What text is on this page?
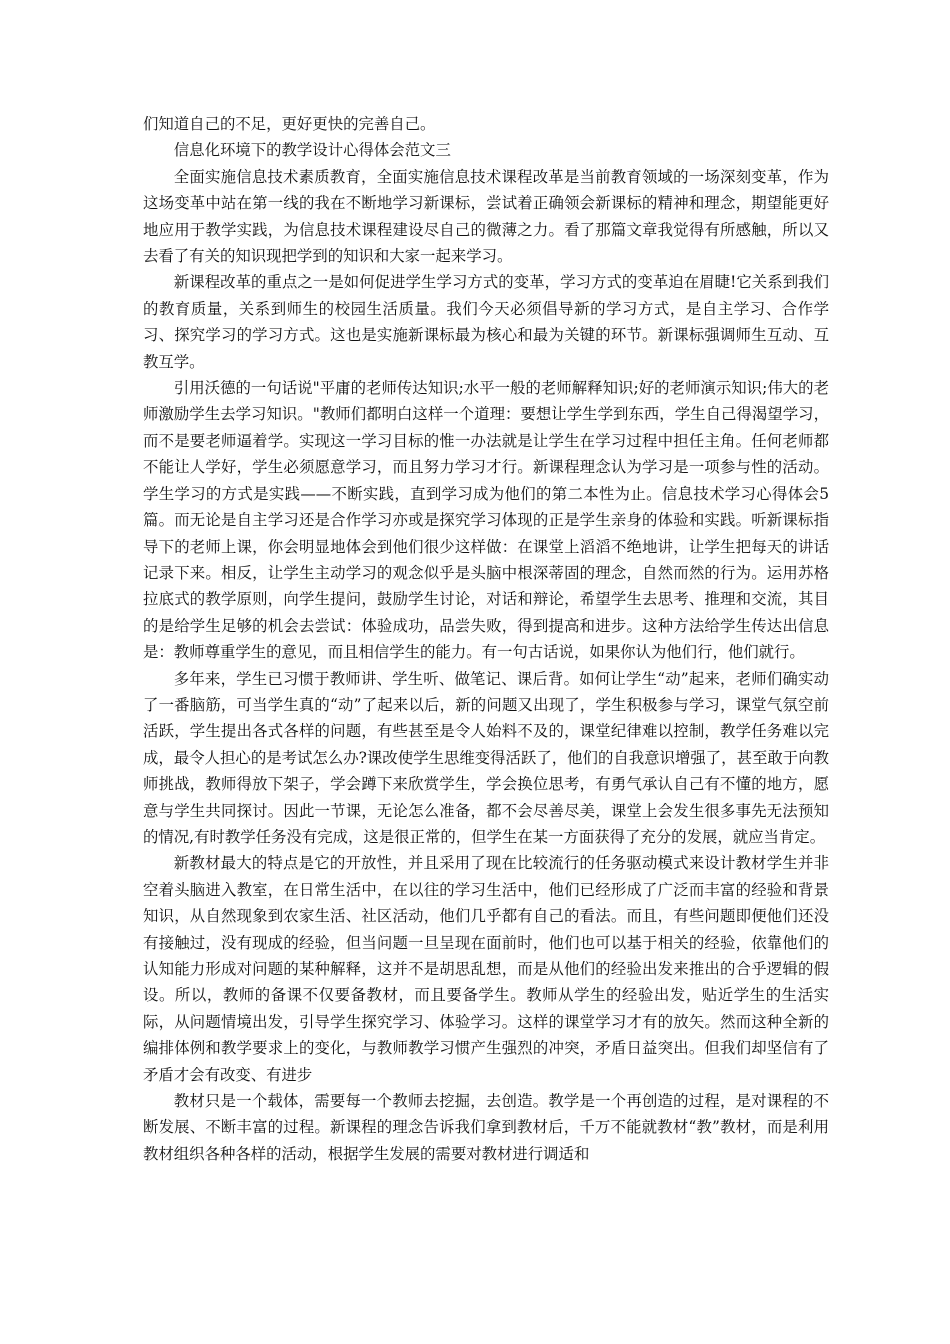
们知道自己的不足，更好更快的完善自己。

信息化环境下的教学设计心得体会范文三

全面实施信息技术素质教育，全面实施信息技术课程改革是当前教育领域的一场深刻变革，作为这场变革中站在第一线的我在不断地学习新课标，尝试着正确领会新课标的精神和理念，期望能更好地应用于教学实践，为信息技术课程建设尽自己的微薄之力。看了那篇文章我觉得有所感触，所以又去看了有关的知识现把学到的知识和大家一起来学习。

新课程改革的重点之一是如何促进学生学习方式的变革，学习方式的变革迫在眉睫!它关系到我们的教育质量，关系到师生的校园生活质量。我们今天必须倡导新的学习方式，是自主学习、合作学习、探究学习的学习方式。这也是实施新课标最为核心和最为关键的环节。新课标强调师生互动、互教互学。

引用沃德的一句话说"平庸的老师传达知识;水平一般的老师解释知识;好的老师演示知识;伟大的老师激励学生去学习知识。"教师们都明白这样一个道理：要想让学生学到东西，学生自己得渴望学习，而不是要老师逼着学。实现这一学习目标的惟一办法就是让学生在学习过程中担任主角。任何老师都不能让人学好，学生必须愿意学习，而且努力学习才行。新课程理念认为学习是一项参与性的活动。学生学习的方式是实践——不断实践，直到学习成为他们的第二本性为止。信息技术学习心得体会5篇。而无论是自主学习还是合作学习亦或是探究学习体现的正是学生亲身的体验和实践。听新课标指导下的老师上课，你会明显地体会到他们很少这样做：在课堂上滔滔不绝地讲，让学生把每天的讲话记录下来。相反，让学生主动学习的观念似乎是头脑中根深蒂固的理念，自然而然的行为。运用苏格拉底式的教学原则，向学生提问，鼓励学生讨论，对话和辩论，希望学生去思考、推理和交流，其目的是给学生足够的机会去尝试：体验成功，品尝失败，得到提高和进步。这种方法给学生传达出信息是：教师尊重学生的意见，而且相信学生的能力。有一句古话说，如果你认为他们行，他们就行。

多年来，学生已习惯于教师讲、学生听、做笔记、课后背。如何让学生“动”起来，老师们确实动了一番脑筋，可当学生真的“动”了起来以后，新的问题又出现了，学生积极参与学习，课堂气氛空前活跃，学生提出各式各样的问题，有些甚至是令人始料不及的，课堂纪律难以控制，教学任务难以完成，最令人担心的是考试怎么办?课改使学生思维变得活跃了，他们的自我意识增强了，甚至敢于向教师挑战，教师得放下架子，学会蹲下来欣赏学生，学会换位思考，有勇气承认自己有不懂的地方，愿意与学生共同探讨。因此一节课，无论怎么准备，都不会尽善尽美，课堂上会发生很多事先无法预知的情况,有时教学任务没有完成，这是很正常的，但学生在某一方面获得了充分的发展，就应当肯定。

新教材最大的特点是它的开放性，并且采用了现在比较流行的任务驱动模式来设计教材学生并非空着头脑进入教室，在日常生活中，在以往的学习生活中，他们已经形成了广泛而丰富的经验和背景知识，从自然现象到农家生活、社区活动，他们几乎都有自己的看法。而且，有些问题即便他们还没有接触过，没有现成的经验，但当问题一旦呈现在面前时，他们也可以基于相关的经验，依靠他们的认知能力形成对问题的某种解释，这并不是胡思乱想，而是从他们的经验出发来推出的合乎逻辑的假设。所以，教师的备课不仅要备教材，而且要备学生。教师从学生的经验出发，贴近学生的生活实际，从问题情境出发，引导学生探究学习、体验学习。这样的课堂学习才有的放矢。然而这种全新的编排体例和教学要求上的变化，与教师教学习惯产生强烈的冲突，矛盾日益突出。但我们却坚信有了矛盾才会有改变、有进步

教材只是一个载体，需要每一个教师去挖掘，去创造。教学是一个再创造的过程，是对课程的不断发展、不断丰富的过程。新课程的理念告诉我们拿到教材后，千万不能就教材“教”教材，而是利用教材组织各种各样的活动，根据学生发展的需要对教材进行调适和
